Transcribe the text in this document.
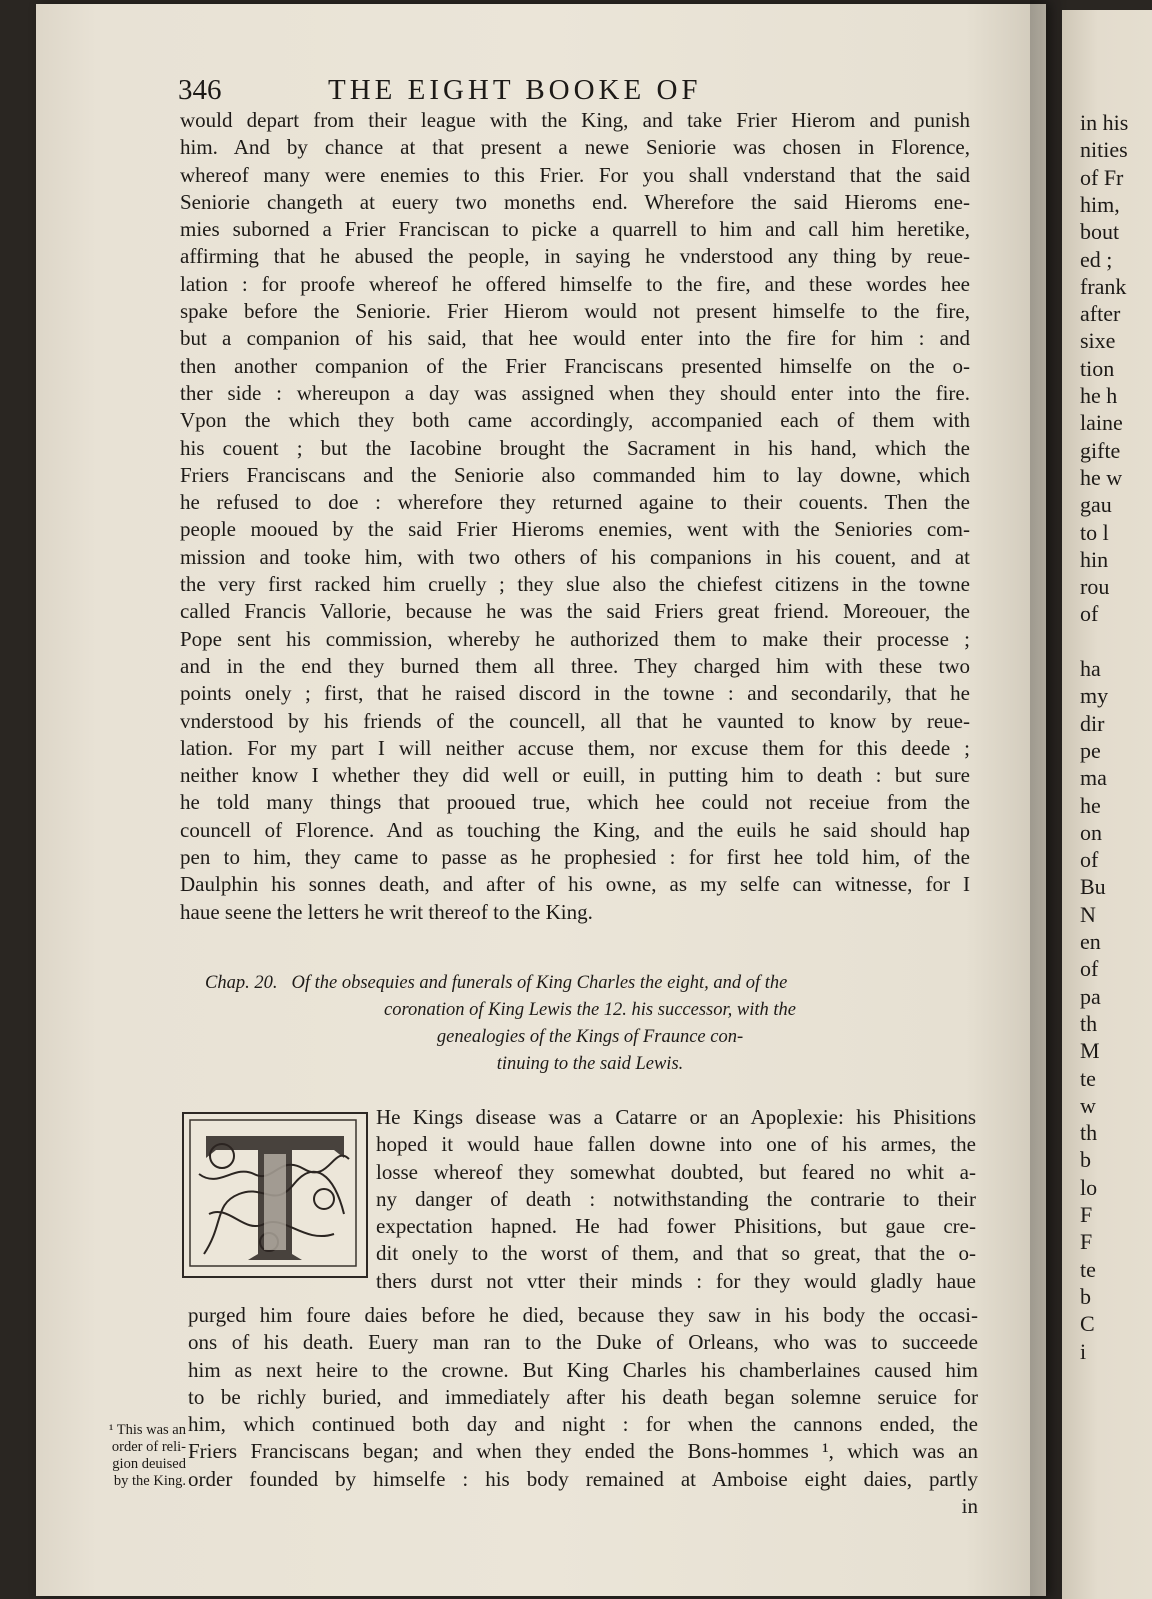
in his
nities
of Fr
him,
bout
ed ;
frank
after
sixe
tion
he h
laine
gifte
he w
gau
to l
hin
rou
of
ha
my
dir
pe
ma
he
on
of
Bu
N
en
of
pa
th
M
te
w
th
b
lo
F
F
te
b
C
i
346	THE EIGHT BOOKE OF
would depart from their league with the King, and take Frier Hierom and punish
him. And by chance at that present a newe Seniorie was chosen in Florence,
whereof many were enemies to this Frier. For you shall vnderstand that the said
Seniorie changeth at euery two moneths end. Wherefore the said Hieroms ene-
mies suborned a Frier Franciscan to picke a quarrell to him and call him heretike,
affirming that he abused the people, in saying he vnderstood any thing by reue-
lation : for proofe whereof he offered himselfe to the fire, and these wordes hee
spake before the Seniorie. Frier Hierom would not present himselfe to the fire,
but a companion of his said, that hee would enter into the fire for him : and
then another companion of the Frier Franciscans presented himselfe on the o-
ther side : whereupon a day was assigned when they should enter into the fire.
Vpon the which they both came accordingly, accompanied each of them with
his couent ; but the Iacobine brought the Sacrament in his hand, which the
Friers Franciscans and the Seniorie also commanded him to lay downe, which
he refused to doe : wherefore they returned againe to their couents. Then the
people mooued by the said Frier Hieroms enemies, went with the Seniories com-
mission and tooke him, with two others of his companions in his couent, and at
the very first racked him cruelly ; they slue also the chiefest citizens in the towne
called Francis Vallorie, because he was the said Friers great friend. Moreouer, the
Pope sent his commission, whereby he authorized them to make their processe ;
and in the end they burned them all three. They charged him with these two
points onely ; first, that he raised discord in the towne : and secondarily, that he
vnderstood by his friends of the councell, all that he vaunted to know by reue-
lation. For my part I will neither accuse them, nor excuse them for this deede ;
neither know I whether they did well or euill, in putting him to death : but sure
he told many things that prooued true, which hee could not receiue from the
councell of Florence. And as touching the King, and the euils he said should hap
pen to him, they came to passe as he prophesied : for first hee told him, of the
Daulphin his sonnes death, and after of his owne, as my selfe can witnesse, for I
haue seene the letters he writ thereof to the King.
Chap. 20. Of the obsequies and funerals of King Charles the eight, and of the
coronation of King Lewis the 12. his successor, with the
genealogies of the Kings of Fraunce con-
tinuing to the said Lewis.
He Kings disease was a Catarre or an Apoplexie: his Phisitions
hoped it would haue fallen downe into one of his armes, the
losse whereof they somewhat doubted, but feared no whit a-
ny danger of death : notwithstanding the contrarie to their
expectation hapned. He had fower Phisitions, but gaue cre-
dit onely to the worst of them, and that so great, that the o-
thers durst not vtter their minds : for they would gladly haue
purged him foure daies before he died, because they saw in his body the occasi-
ons of his death. Euery man ran to the Duke of Orleans, who was to succeede
him as next heire to the crowne. But King Charles his chamberlaines caused him
to be richly buried, and immediately after his death began solemne seruice for
him, which continued both day and night : for when the cannons ended, the
Friers Franciscans began; and when they ended the Bons-hommes ¹, which was an
order founded by himselfe : his body remained at Amboise eight daies, partly
in
¹ This was an
order of reli-
gion deuised
by the King.
